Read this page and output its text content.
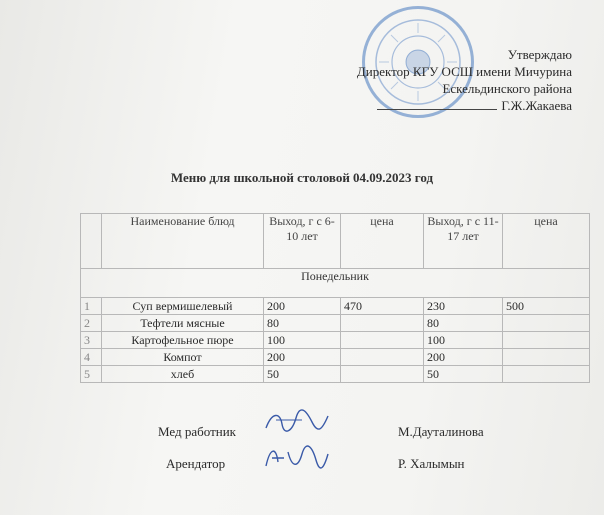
Утверждаю
Директор КГУ ОСШ имени Мичурина
Ескельдинского района
Г.Ж.Жакаева
Меню для школьной столовой 04.09.2023 год
	Наименование блюд	Выход, г с 6-10 лет	цена	Выход, г с 11-17 лет	цена
Понедельник					
1	Суп вермишелевый	200	470	230	500
2	Тефтели мясные	80		80	
3	Картофельное пюре	100		100	
4	Компот	200		200	
5	хлеб	50		50	
Мед работник	М.Дауталинова
Арендатор	Р. Халымын
